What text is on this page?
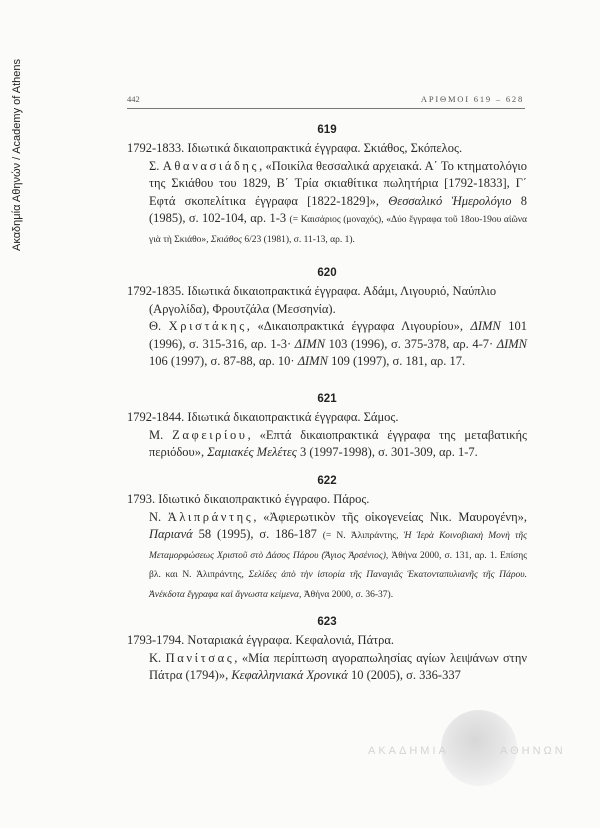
Ακαδημία Αθηνών / Academy of Athens	442	ΑΡΙΘΜΟΙ 619 – 628
619
1792-1833. Ιδιωτικά δικαιοπρακτικά έγγραφα. Σκιάθος, Σκόπελος.
Σ. Αθανασιάδης, «Ποικίλα θεσσαλικά αρχειακά. Α΄ Το κτηματολόγιο της Σκιάθου του 1829, Β΄ Τρία σκιαθίτικα πωλητήρια [1792-1833], Γ΄ Εφτά σκοπελίτικα έγγραφα [1822-1829]», Θεσσαλικό Ἡμερολόγιο 8 (1985), σ. 102-104, αρ. 1-3 (= Καισάριος (μοναχός), «Δύο ἔγγραφα τοῦ 18ου-19ου αἰῶνα γιὰ τὴ Σκιάθο», Σκιάθος 6/23 (1981), σ. 11-13, αρ. 1).
620
1792-1835. Ιδιωτικά δικαιοπρακτικά έγγραφα. Αδάμι, Λιγουριό, Ναύπλιο (Αργολίδα), Φρουτζάλα (Μεσσηνία).
Θ. Χριστάκης, «Δικαιοπρακτικά έγγραφα Λιγουρίου», ΔΙΜΝ 101 (1996), σ. 315-316, αρ. 1-3· ΔΙΜΝ 103 (1996), σ. 375-378, αρ. 4-7· ΔΙΜΝ 106 (1997), σ. 87-88, αρ. 10· ΔΙΜΝ 109 (1997), σ. 181, αρ. 17.
621
1792-1844. Ιδιωτικά δικαιοπρακτικά έγγραφα. Σάμος.
Μ. Ζαφειρίου, «Επτά δικαιοπρακτικά έγγραφα της μεταβατικής περιόδου», Σαμιακές Μελέτες 3 (1997-1998), σ. 301-309, αρ. 1-7.
622
1793. Ιδιωτικό δικαιοπρακτικό έγγραφο. Πάρος.
Ν. Ἀλιπράντης, «Ἀφιερωτικὸν τῆς οἰκογενείας Νικ. Μαυρογένη», Παριανά 58 (1995), σ. 186-187 (= Ν. Ἀλιπράντης, Ἡ Ἱερὰ Κοινοβιακὴ Μονὴ τῆς Μεταμορφώσεως Χριστοῦ στὸ Δάσος Πάρου (Ἅγιος Ἀρσένιος), Ἀθήνα 2000, σ. 131, αρ. 1. Επίσης βλ. και Ν. Ἀλιπράντης, Σελίδες ἀπὸ τὴν ἱστορία τῆς Παναγιᾶς Ἑκατονταπυλιανῆς τῆς Πάρου. Ἀνέκδοτα ἔγγραφα καὶ ἄγνωστα κείμενα, Ἀθήνα 2000, σ. 36-37).
623
1793-1794. Νοταριακά έγγραφα. Κεφαλονιά, Πάτρα.
Κ. Πανίτσας, «Μία περίπτωση αγοραπωλησίας αγίων λειψάνων στην Πάτρα (1794)», Κεφαλληνιακά Χρονικά 10 (2005), σ. 336-337
ΑΚΑΔΗΜΙΑ	ΑΘΗΝΩΝ
